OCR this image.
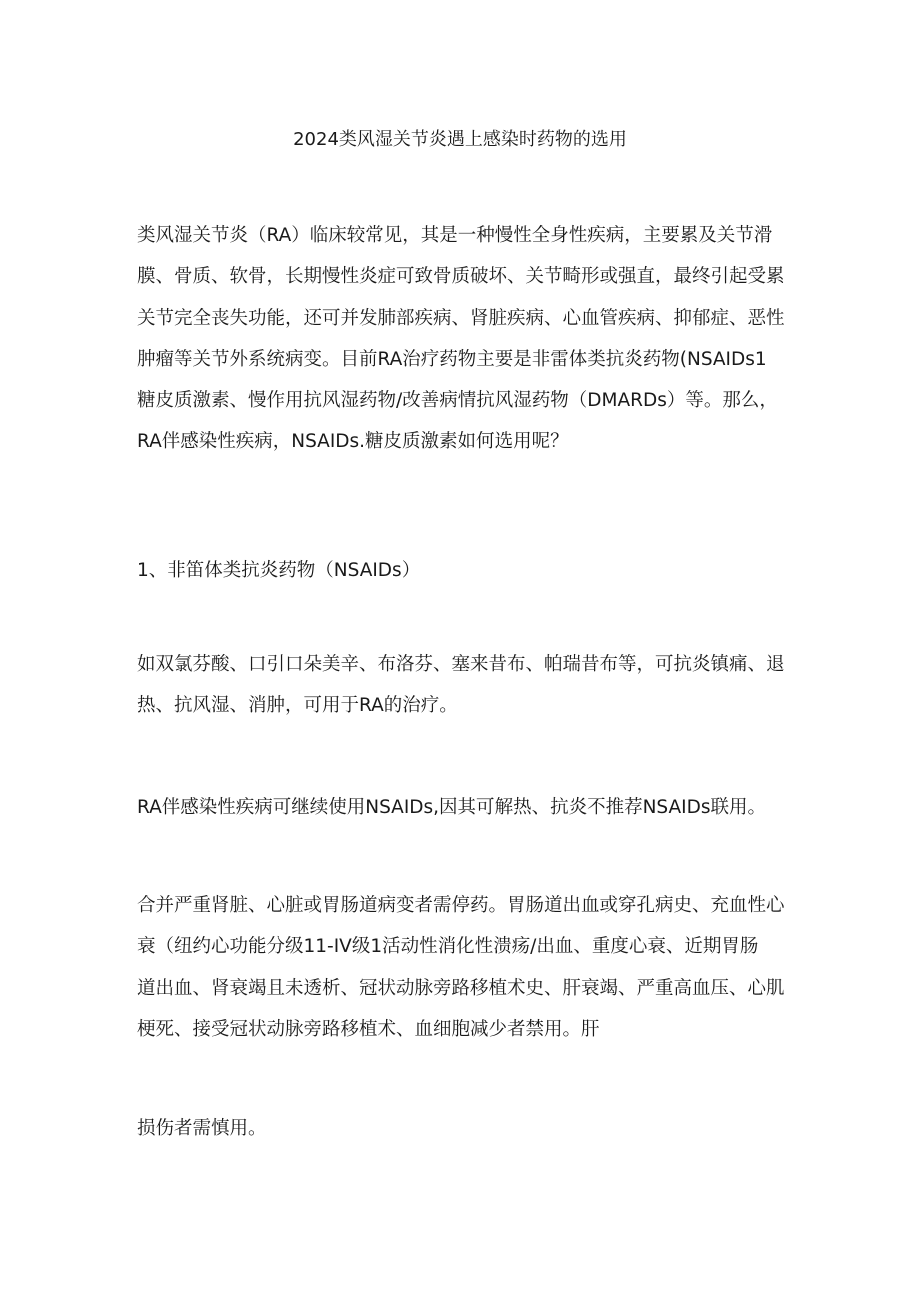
2024类风湿关节炎遇上感染时药物的选用
类风湿关节炎（RA）临床较常见，其是一种慢性全身性疾病，主要累及关节滑
膜、骨质、软骨，长期慢性炎症可致骨质破坏、关节畸形或强直，最终引起受累
关节完全丧失功能，还可并发肺部疾病、肾脏疾病、心血管疾病、抑郁症、恶性
肿瘤等关节外系统病变。目前RA治疗药物主要是非雷体类抗炎药物(NSAIDs1
糖皮质激素、慢作用抗风湿药物/改善病情抗风湿药物（DMARDs）等。那么，
RA伴感染性疾病，NSAIDs.糖皮质激素如何选用呢？
1、非笛体类抗炎药物（NSAIDs）
如双氯芬酸、口引口朵美辛、布洛芬、塞来昔布、帕瑞昔布等，可抗炎镇痛、退
热、抗风湿、消肿，可用于RA的治疗。
RA伴感染性疾病可继续使用NSAIDs,因其可解热、抗炎不推荐NSAIDs联用。
合并严重肾脏、心脏或胃肠道病变者需停药。胃肠道出血或穿孔病史、充血性心
衰（纽约心功能分级11-IV级1活动性消化性溃疡/出血、重度心衰、近期胃肠
道出血、肾衰竭且未透析、冠状动脉旁路移植术史、肝衰竭、严重高血压、心肌
梗死、接受冠状动脉旁路移植术、血细胞减少者禁用。肝
损伤者需慎用。
